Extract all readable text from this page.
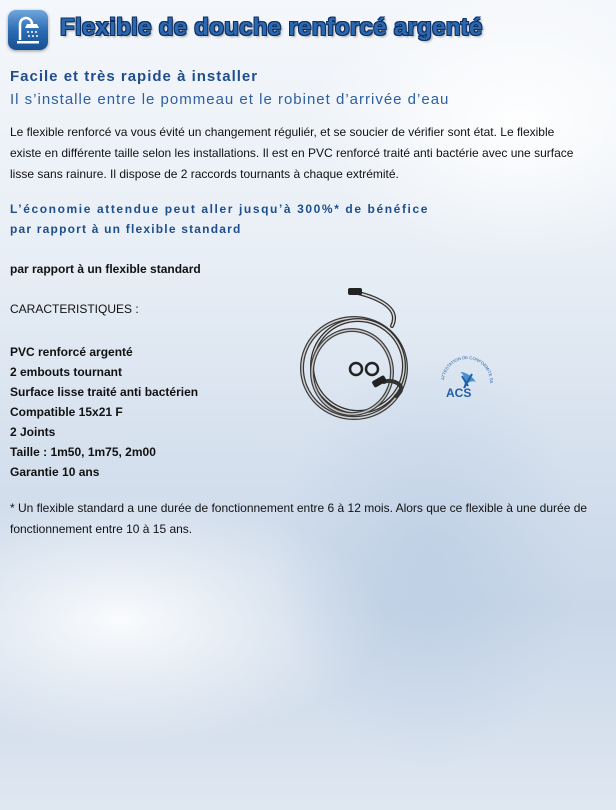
Flexible de douche renforcé argenté
Facile et très rapide à installer
Il s’installe entre le pommeau et le robinet d’arrivée d’eau

Le flexible renforcé va vous évité un changement réguliér, et se soucier de vérifier sont état. Le flexible existe en différente taille selon les installations. Il est en PVC renforcé traité anti bactérie avec une surface lisse sans rainure. Il dispose de 2 raccords tournants à chaque extrémité.

L’économie attendue peut aller jusqu’à 300%* de bénéfice
par rapport à un flexible standard
par rapport à un flexible standard
CARACTERISTIQUES :
PVC renforcé argenté
2 embouts tournant
Surface lisse traité anti bactérien
Compatible 15x21 F
2 Joints
Taille : 1m50, 1m75, 2m00
Garantie 10 ans
ATTESTATION DE CONFORMITE SA
ACS

* Un flexible standard a une durée de fonctionnement entre 6 à 12 mois. Alors que ce flexible à une durée de fonctionnement entre 10 à 15 ans.
